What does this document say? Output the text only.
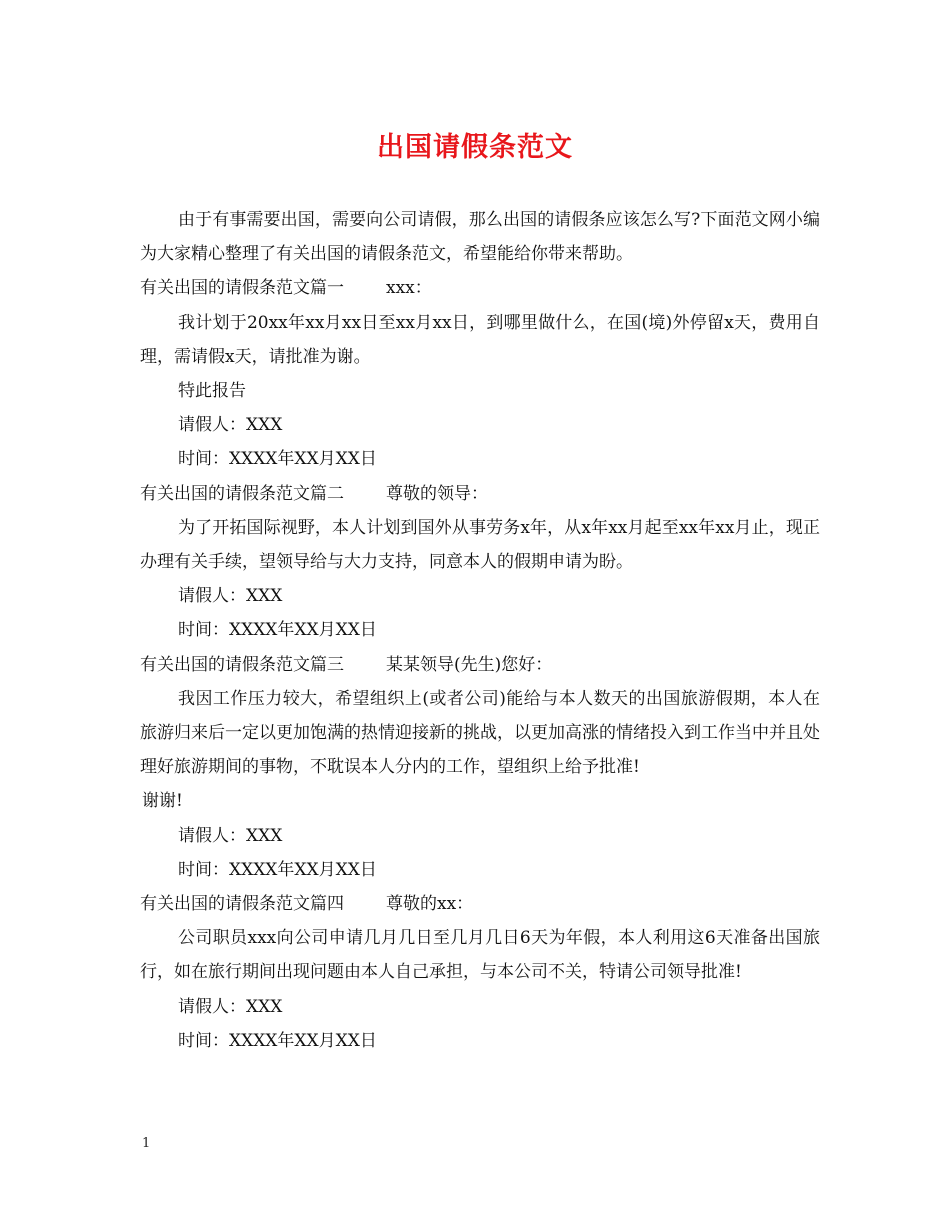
出国请假条范文

由于有事需要出国，需要向公司请假，那么出国的请假条应该怎么写?下面范文网小编为大家精心整理了有关出国的请假条范文，希望能给你带来帮助。

有关出国的请假条范文篇一 xxx：

我计划于20xx年xx月xx日至xx月xx日，到哪里做什么，在国(境)外停留x天，费用自理，需请假x天，请批准为谢。

特此报告

请假人：XXX

时间：XXXX年XX月XX日

有关出国的请假条范文篇二 尊敬的领导：

为了开拓国际视野，本人计划到国外从事劳务x年，从x年xx月起至xx年xx月止，现正办理有关手续，望领导给与大力支持，同意本人的假期申请为盼。

请假人：XXX

时间：XXXX年XX月XX日

有关出国的请假条范文篇三 某某领导(先生)您好：

我因工作压力较大，希望组织上(或者公司)能给与本人数天的出国旅游假期，本人在旅游归来后一定以更加饱满的热情迎接新的挑战，以更加高涨的情绪投入到工作当中并且处理好旅游期间的事物，不耽误本人分内的工作，望组织上给予批准!

谢谢!

请假人：XXX

时间：XXXX年XX月XX日

有关出国的请假条范文篇四 尊敬的xx：

公司职员xxx向公司申请几月几日至几月几日6天为年假，本人利用这6天准备出国旅行，如在旅行期间出现问题由本人自己承担，与本公司不关，特请公司领导批准!

请假人：XXX

时间：XXXX年XX月XX日

1
